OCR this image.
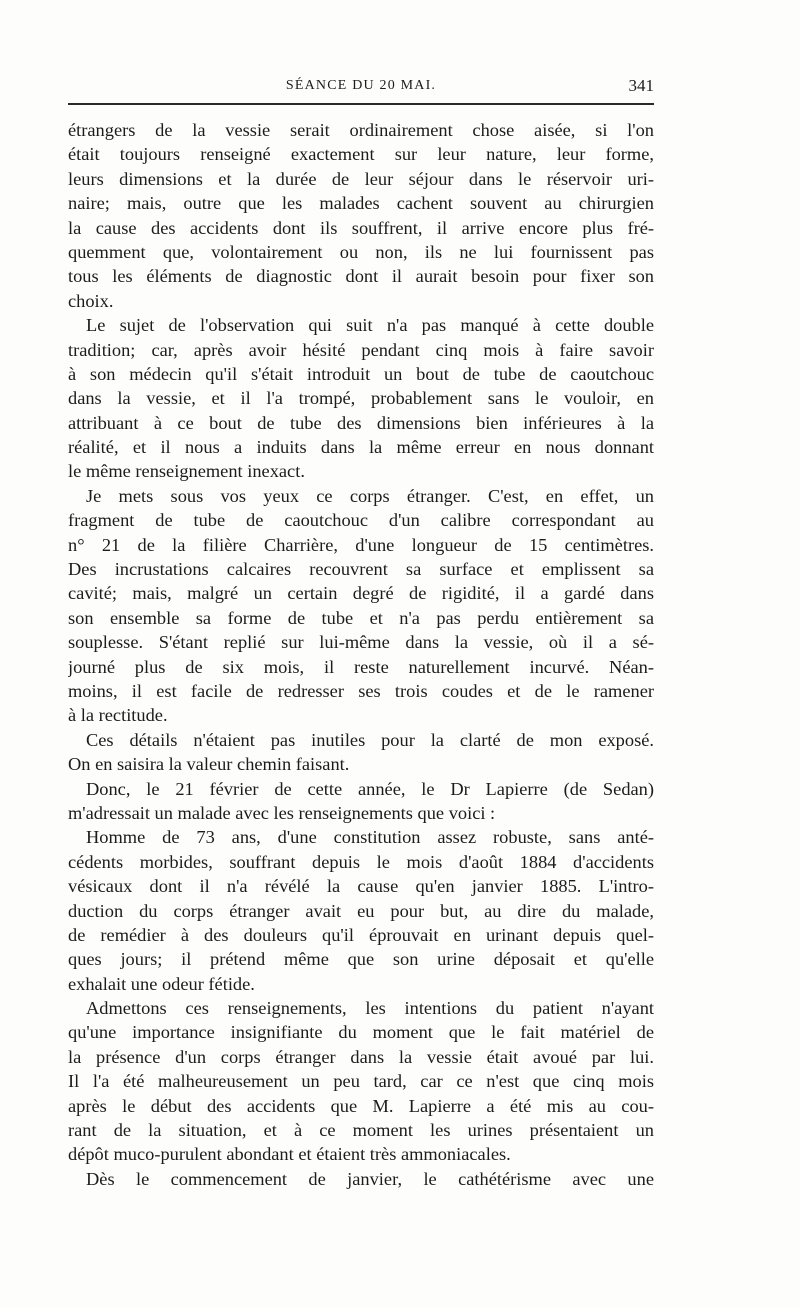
SÉANCE DU 20 MAI.	341
étrangers de la vessie serait ordinairement chose aisée, si l'on
était toujours renseigné exactement sur leur nature, leur forme,
leurs dimensions et la durée de leur séjour dans le réservoir uri-
naire; mais, outre que les malades cachent souvent au chirurgien
la cause des accidents dont ils souffrent, il arrive encore plus fré-
quemment que, volontairement ou non, ils ne lui fournissent pas
tous les éléments de diagnostic dont il aurait besoin pour fixer son
choix.
Le sujet de l'observation qui suit n'a pas manqué à cette double
tradition; car, après avoir hésité pendant cinq mois à faire savoir
à son médecin qu'il s'était introduit un bout de tube de caoutchouc
dans la vessie, et il l'a trompé, probablement sans le vouloir, en
attribuant à ce bout de tube des dimensions bien inférieures à la
réalité, et il nous a induits dans la même erreur en nous donnant
le même renseignement inexact.
Je mets sous vos yeux ce corps étranger. C'est, en effet, un
fragment de tube de caoutchouc d'un calibre correspondant au
n° 21 de la filière Charrière, d'une longueur de 15 centimètres.
Des incrustations calcaires recouvrent sa surface et emplissent sa
cavité; mais, malgré un certain degré de rigidité, il a gardé dans
son ensemble sa forme de tube et n'a pas perdu entièrement sa
souplesse. S'étant replié sur lui-même dans la vessie, où il a sé-
journé plus de six mois, il reste naturellement incurvé. Néan-
moins, il est facile de redresser ses trois coudes et de le ramener
à la rectitude.
Ces détails n'étaient pas inutiles pour la clarté de mon exposé.
On en saisira la valeur chemin faisant.
Donc, le 21 février de cette année, le Dr Lapierre (de Sedan)
m'adressait un malade avec les renseignements que voici :
Homme de 73 ans, d'une constitution assez robuste, sans anté-
cédents morbides, souffrant depuis le mois d'août 1884 d'accidents
vésicaux dont il n'a révélé la cause qu'en janvier 1885. L'intro-
duction du corps étranger avait eu pour but, au dire du malade,
de remédier à des douleurs qu'il éprouvait en urinant depuis quel-
ques jours; il prétend même que son urine déposait et qu'elle
exhalait une odeur fétide.
Admettons ces renseignements, les intentions du patient n'ayant
qu'une importance insignifiante du moment que le fait matériel de
la présence d'un corps étranger dans la vessie était avoué par lui.
Il l'a été malheureusement un peu tard, car ce n'est que cinq mois
après le début des accidents que M. Lapierre a été mis au cou-
rant de la situation, et à ce moment les urines présentaient un
dépôt muco-purulent abondant et étaient très ammoniacales.
Dès le commencement de janvier, le cathétérisme avec une
